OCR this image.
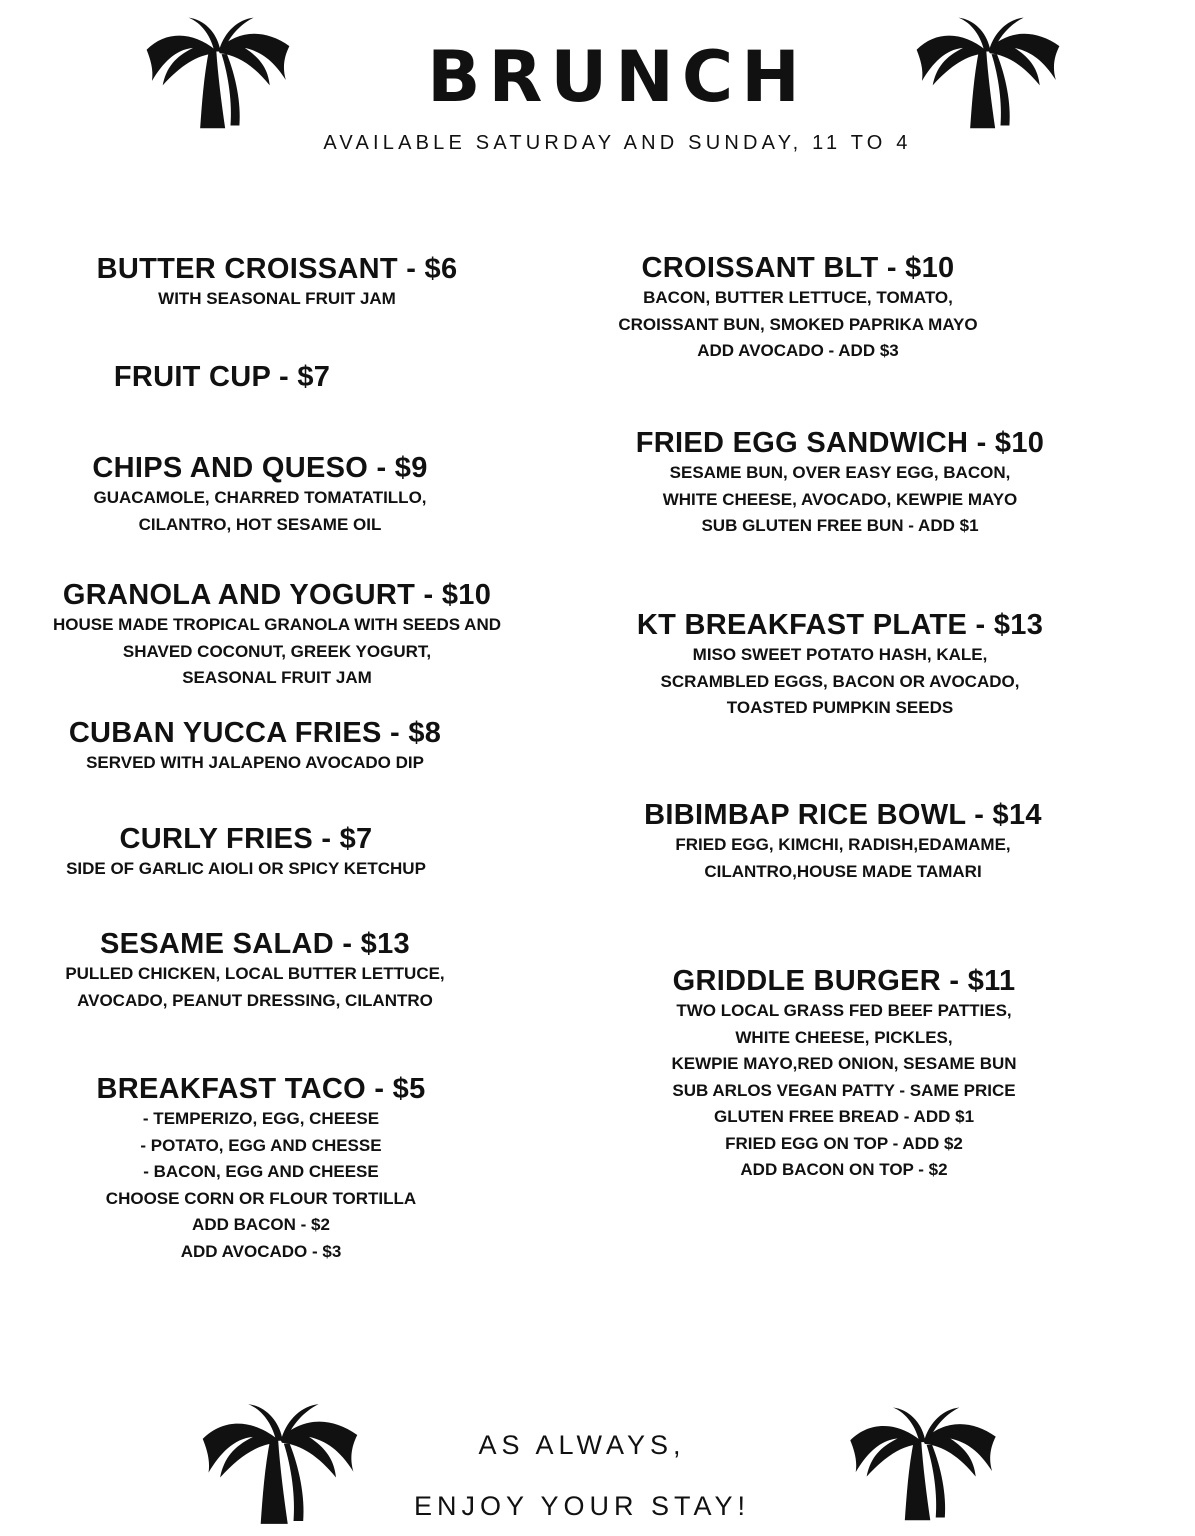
BRUNCH
AVAILABLE SATURDAY AND SUNDAY, 11 TO 4
BUTTER CROISSANT - $6
WITH SEASONAL FRUIT JAM
FRUIT CUP - $7
CHIPS AND QUESO - $9
GUACAMOLE, CHARRED TOMATATILLO,
CILANTRO, HOT SESAME OIL
GRANOLA AND YOGURT - $10
HOUSE MADE TROPICAL GRANOLA WITH SEEDS AND
SHAVED COCONUT, GREEK YOGURT,
SEASONAL FRUIT JAM
CUBAN YUCCA FRIES - $8
SERVED WITH JALAPENO AVOCADO DIP
CURLY FRIES - $7
SIDE OF GARLIC AIOLI OR SPICY KETCHUP
SESAME SALAD - $13
PULLED CHICKEN, LOCAL BUTTER LETTUCE,
AVOCADO, PEANUT DRESSING, CILANTRO
BREAKFAST TACO - $5
- TEMPERIZO, EGG, CHEESE
- POTATO, EGG AND CHESSE
- BACON, EGG AND CHEESE
CHOOSE CORN OR FLOUR TORTILLA
ADD BACON - $2
ADD AVOCADO - $3
CROISSANT BLT - $10
BACON, BUTTER LETTUCE, TOMATO,
CROISSANT BUN, SMOKED PAPRIKA MAYO
ADD AVOCADO - ADD $3
FRIED EGG SANDWICH - $10
SESAME BUN, OVER EASY EGG, BACON,
WHITE CHEESE, AVOCADO, KEWPIE MAYO
SUB GLUTEN FREE BUN - ADD $1
KT BREAKFAST PLATE - $13
MISO SWEET POTATO HASH, KALE,
SCRAMBLED EGGS, BACON OR AVOCADO,
TOASTED PUMPKIN SEEDS
BIBIMBAP RICE BOWL - $14
FRIED EGG, KIMCHI, RADISH,EDAMAME,
CILANTRO,HOUSE MADE TAMARI
GRIDDLE BURGER - $11
TWO LOCAL GRASS FED BEEF PATTIES,
WHITE CHEESE, PICKLES,
KEWPIE MAYO,RED ONION, SESAME BUN
SUB ARLOS VEGAN PATTY - SAME PRICE
GLUTEN FREE BREAD - ADD $1
FRIED EGG ON TOP - ADD $2
ADD BACON ON TOP - $2
AS ALWAYS,
ENJOY YOUR STAY!
